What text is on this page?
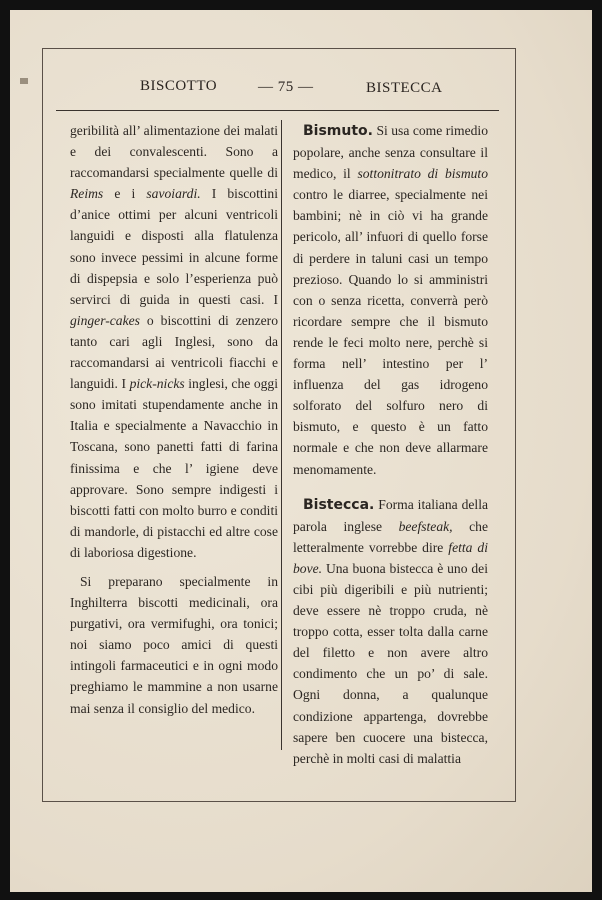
BISCOTTO	— 75 —	BISTECCA

geribilità all’ alimentazione dei malati e dei convalescenti. Sono a raccomandarsi specialmente quelle di Reims e i savoiardi. I biscottini d’anice ottimi per alcuni ventricoli languidi e disposti alla flatulenza sono invece pessimi in alcune forme di dispepsia e solo l’esperienza può servirci di guida in questi casi. I ginger-cakes o biscottini di zenzero tanto cari agli Inglesi, sono da raccomandarsi ai ventricoli fiacchi e languidi. I pick-nicks inglesi, che oggi sono imitati stupendamente anche in Italia e specialmente a Navacchio in Toscana, sono panetti fatti di farina finissima e che l’ igiene deve approvare. Sono sempre indigesti i biscotti fatti con molto burro e conditi di mandorle, di pistacchi ed altre cose di laboriosa digestione.

Si preparano specialmente in Inghilterra biscotti medicinali, ora purgativi, ora vermifughi, ora tonici; noi siamo poco amici di questi intingoli farmaceutici e in ogni modo preghiamo le mammine a non usarne mai senza il consiglio del medico.

Bismuto. Si usa come rimedio popolare, anche senza consultare il medico, il sottonitrato di bismuto contro le diarree, specialmente nei bambini; nè in ciò vi ha grande pericolo, all’ infuori di quello forse di perdere in taluni casi un tempo prezioso. Quando lo si amministri con o senza ricetta, converrà però ricordare sempre che il bismuto rende le feci molto nere, perchè si forma nell’ intestino per l’ influenza del gas idrogeno solforato del solfuro nero di bismuto, e questo è un fatto normale e che non deve allarmare menomamente.

Bistecca. Forma italiana della parola inglese beefsteak, che letteralmente vorrebbe dire fetta di bove. Una buona bistecca è uno dei cibi più digeribili e più nutrienti; deve essere nè troppo cruda, nè troppo cotta, esser tolta dalla carne del filetto e non avere altro condimento che un po’ di sale. Ogni donna, a qualunque condizione appartenga, dovrebbe sapere ben cuocere una bistecca, perchè in molti casi di malattia
